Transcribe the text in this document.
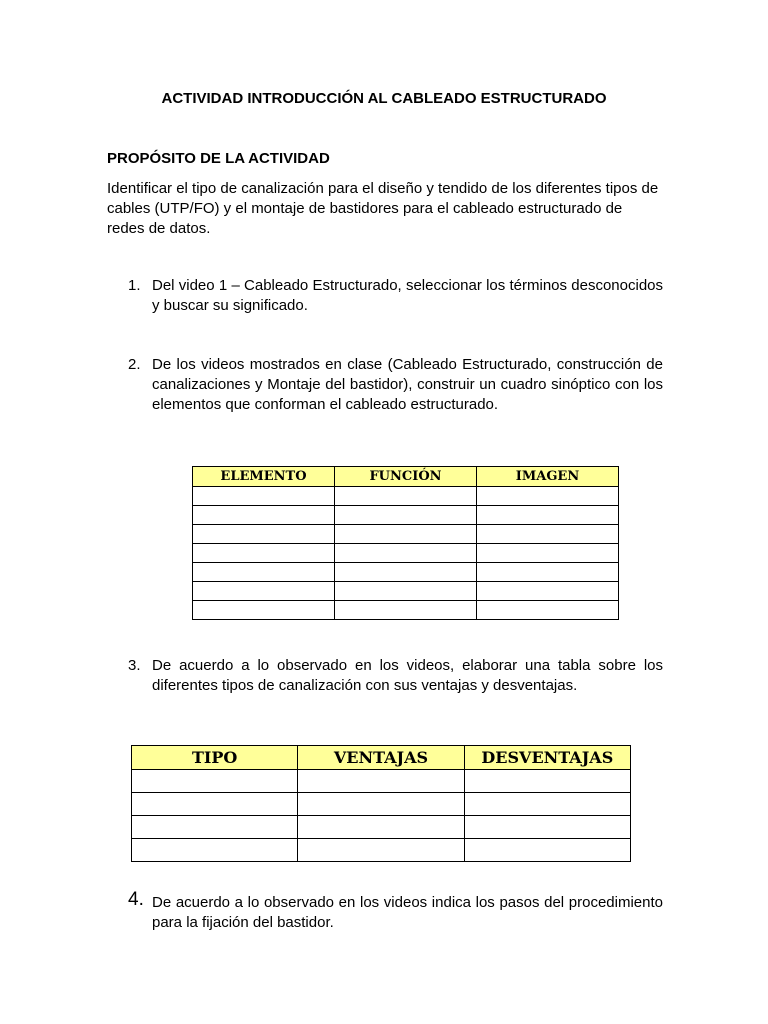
ACTIVIDAD INTRODUCCIÓN AL CABLEADO ESTRUCTURADO
PROPÓSITO DE LA ACTIVIDAD
Identificar el tipo de canalización para el diseño y tendido de los diferentes tipos de cables (UTP/FO) y el montaje de bastidores para el cableado estructurado de redes de datos.
1. Del video 1 – Cableado Estructurado, seleccionar los términos desconocidos y buscar su significado.
2. De los videos mostrados en clase (Cableado Estructurado, construcción de canalizaciones y Montaje del bastidor), construir un cuadro sinóptico con los elementos que conforman el cableado estructurado.
ELEMENTO	FUNCIÓN	IMAGEN

3. De acuerdo a lo observado en los videos, elaborar una tabla sobre los diferentes tipos de canalización con sus ventajas y desventajas.
TIPO	VENTAJAS	DESVENTAJAS

4. De acuerdo a lo observado en los videos indica los pasos del procedimiento para la fijación del bastidor.
